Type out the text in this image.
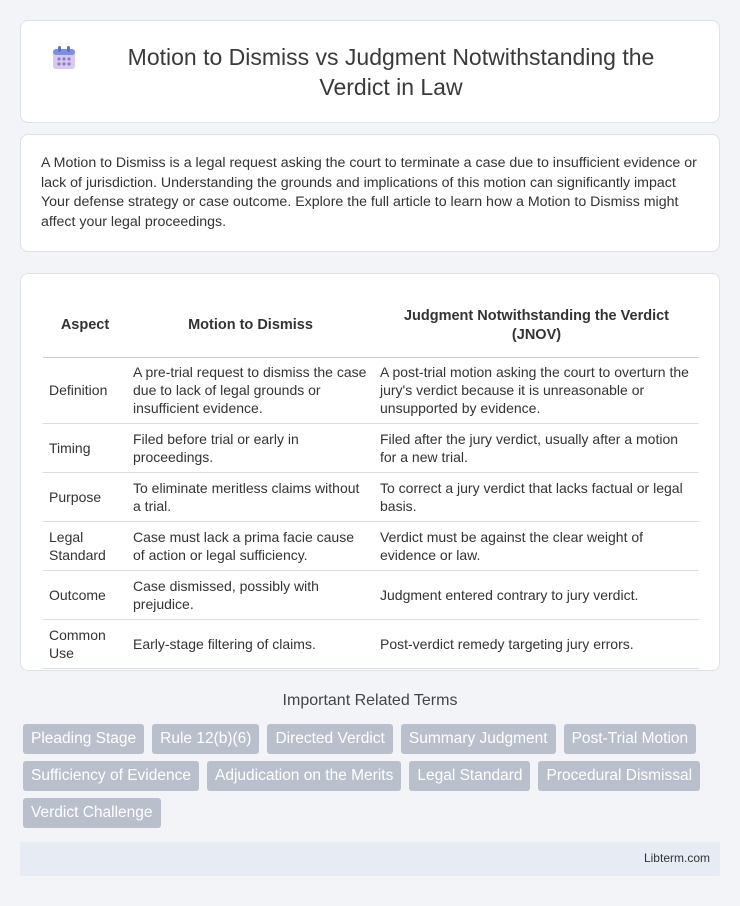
Motion to Dismiss vs Judgment Notwithstanding the Verdict in Law

A Motion to Dismiss is a legal request asking the court to terminate a case due to insufficient evidence or lack of jurisdiction. Understanding the grounds and implications of this motion can significantly impact Your defense strategy or case outcome. Explore the full article to learn how a Motion to Dismiss might affect your legal proceedings.

Aspect	Motion to Dismiss	Judgment Notwithstanding the Verdict (JNOV)
Definition	A pre-trial request to dismiss the case due to lack of legal grounds or insufficient evidence.	A post-trial motion asking the court to overturn the jury's verdict because it is unreasonable or unsupported by evidence.
Timing	Filed before trial or early in proceedings.	Filed after the jury verdict, usually after a motion for a new trial.
Purpose	To eliminate meritless claims without a trial.	To correct a jury verdict that lacks factual or legal basis.
Legal Standard	Case must lack a prima facie cause of action or legal sufficiency.	Verdict must be against the clear weight of evidence or law.
Outcome	Case dismissed, possibly with prejudice.	Judgment entered contrary to jury verdict.
Common Use	Early-stage filtering of claims.	Post-verdict remedy targeting jury errors.
Important Related Terms
Pleading Stage	Rule 12(b)(6)	Directed Verdict	Summary Judgment	Post-Trial Motion
Sufficiency of Evidence	Adjudication on the Merits	Legal Standard	Procedural Dismissal
Verdict Challenge
Libterm.com
